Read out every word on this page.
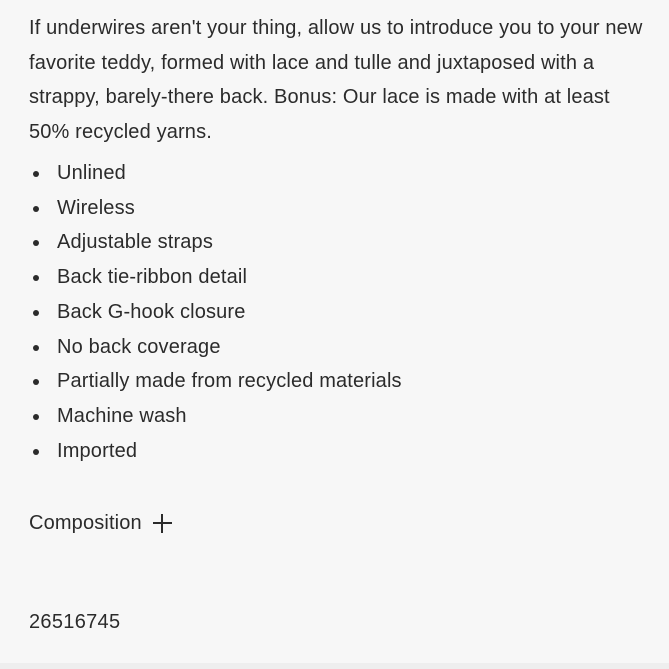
If underwires aren't your thing, allow us to introduce you to your new favorite teddy, formed with lace and tulle and juxtaposed with a strappy, barely-there back. Bonus: Our lace is made with at least 50% recycled yarns.

Unlined
Wireless
Adjustable straps
Back tie-ribbon detail
Back G-hook closure
No back coverage
Partially made from recycled materials
Machine wash
Imported
Composition
26516745
